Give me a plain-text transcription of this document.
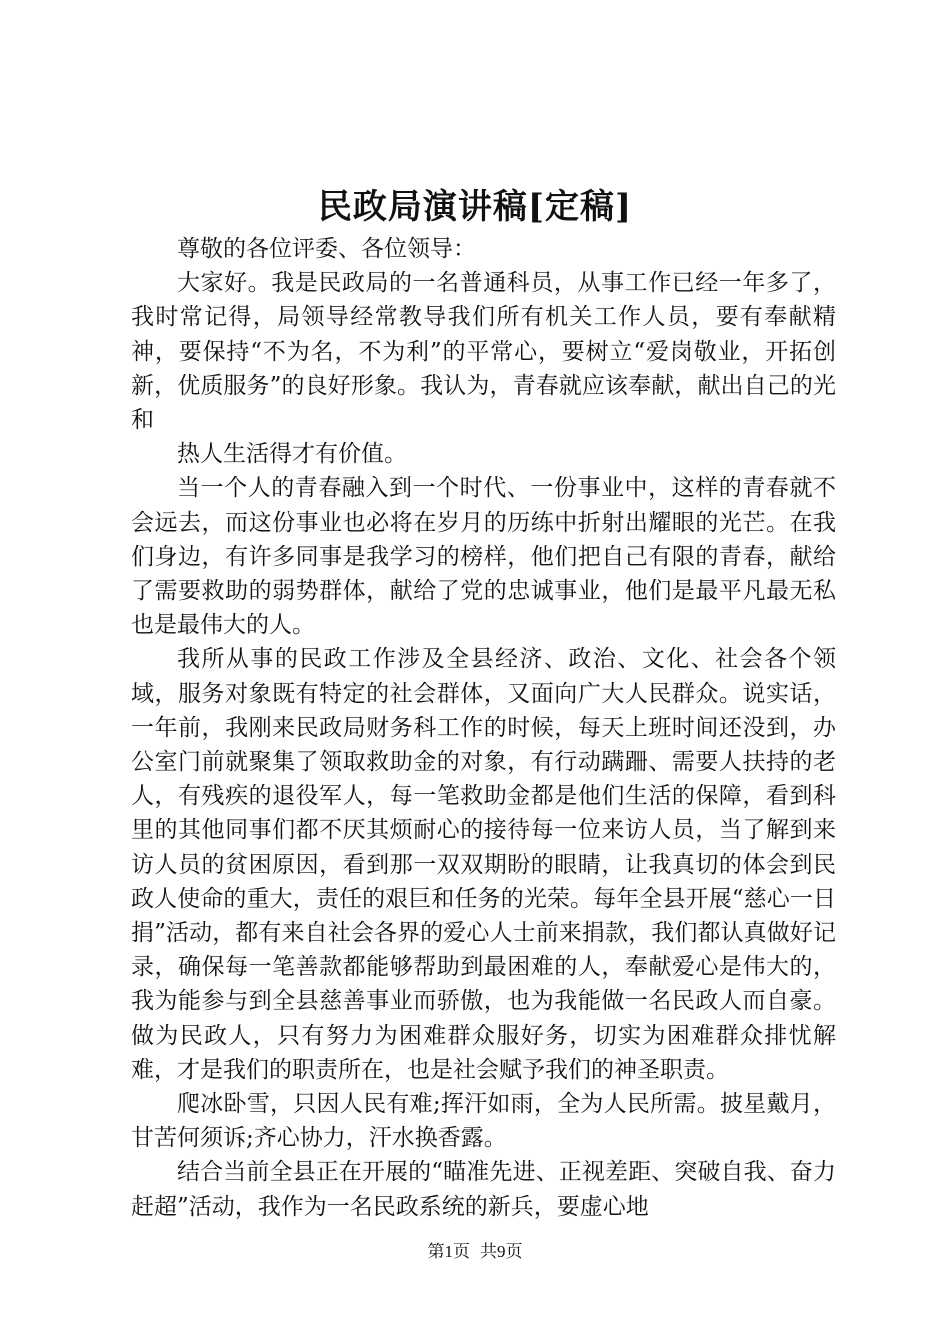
民政局演讲稿[定稿]

尊敬的各位评委、各位领导：

大家好。我是民政局的一名普通科员，从事工作已经一年多了，我时常记得，局领导经常教导我们所有机关工作人员，要有奉献精神，要保持“不为名，不为利”的平常心，要树立“爱岗敬业，开拓创新，优质服务”的良好形象。我认为，青春就应该奉献，献出自己的光和

热人生活得才有价值。

当一个人的青春融入到一个时代、一份事业中，这样的青春就不会远去，而这份事业也必将在岁月的历练中折射出耀眼的光芒。在我们身边，有许多同事是我学习的榜样，他们把自己有限的青春，献给了需要救助的弱势群体，献给了党的忠诚事业，他们是最平凡最无私也是最伟大的人。

我所从事的民政工作涉及全县经济、政治、文化、社会各个领域，服务对象既有特定的社会群体，又面向广大人民群众。说实话，一年前，我刚来民政局财务科工作的时候，每天上班时间还没到，办公室门前就聚集了领取救助金的对象，有行动蹒跚、需要人扶持的老人，有残疾的退役军人，每一笔救助金都是他们生活的保障，看到科里的其他同事们都不厌其烦耐心的接待每一位来访人员，当了解到来访人员的贫困原因，看到那一双双期盼的眼睛，让我真切的体会到民政人使命的重大，责任的艰巨和任务的光荣。每年全县开展“慈心一日捐”活动，都有来自社会各界的爱心人士前来捐款，我们都认真做好记录，确保每一笔善款都能够帮助到最困难的人，奉献爱心是伟大的，我为能参与到全县慈善事业而骄傲，也为我能做一名民政人而自豪。做为民政人，只有努力为困难群众服好务，切实为困难群众排忧解难，才是我们的职责所在，也是社会赋予我们的神圣职责。

爬冰卧雪，只因人民有难;挥汗如雨，全为人民所需。披星戴月，甘苦何须诉;齐心协力，汗水换香露。

结合当前全县正在开展的“瞄准先进、正视差距、突破自我、奋力赶超”活动，我作为一名民政系统的新兵，要虚心地

第1页 共9页
